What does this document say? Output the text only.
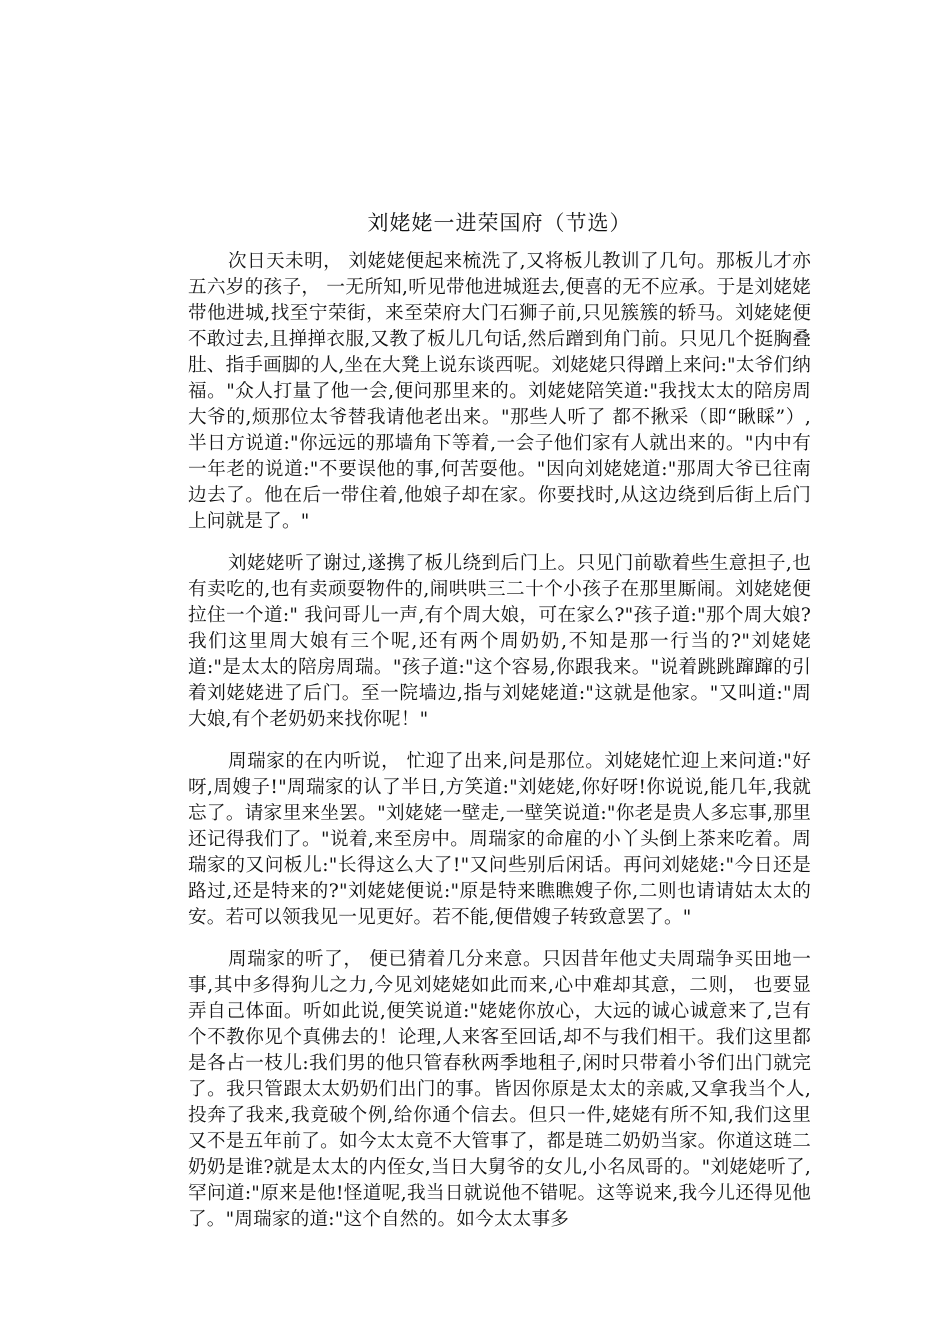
刘姥姥一进荣国府（节选）

次日天未明， 刘姥姥便起来梳洗了,又将板儿教训了几句。那板儿才亦五六岁的孩子， 一无所知,听见带他进城逛去,便喜的无不应承。于是刘姥姥带他进城,找至宁荣街，来至荣府大门石狮子前,只见簇簇的轿马。刘姥姥便不敢过去,且掸掸衣服,又教了板儿几句话,然后蹭到角门前。只见几个挺胸叠肚、指手画脚的人,坐在大凳上说东谈西呢。刘姥姥只得蹭上来问:"太爷们纳福。"众人打量了他一会,便问那里来的。刘姥姥陪笑道:"我找太太的陪房周大爷的,烦那位太爷替我请他老出来。"那些人听了 都不揪采（即“瞅睬”）,半日方说道:"你远远的那墙角下等着,一会子他们家有人就出来的。"内中有一年老的说道:"不要误他的事,何苦耍他。"因向刘姥姥道:"那周大爷已往南边去了。他在后一带住着,他娘子却在家。你要找时,从这边绕到后街上后门上问就是了。"

刘姥姥听了谢过,遂携了板儿绕到后门上。只见门前歇着些生意担子,也有卖吃的,也有卖顽耍物件的,闹哄哄三二十个小孩子在那里厮闹。刘姥姥便拉住一个道:" 我问哥儿一声,有个周大娘，可在家么?"孩子道:"那个周大娘?我们这里周大娘有三个呢,还有两个周奶奶,不知是那一行当的?"刘姥姥道:"是太太的陪房周瑞。"孩子道:"这个容易,你跟我来。"说着跳跳蹿蹿的引着刘姥姥进了后门。至一院墙边,指与刘姥姥道:"这就是他家。"又叫道:"周大娘,有个老奶奶来找你呢！"

周瑞家的在内听说， 忙迎了出来,问是那位。刘姥姥忙迎上来问道:"好呀,周嫂子!"周瑞家的认了半日,方笑道:"刘姥姥,你好呀!你说说,能几年,我就忘了。请家里来坐罢。"刘姥姥一壁走,一壁笑说道:"你老是贵人多忘事,那里还记得我们了。"说着,来至房中。周瑞家的命雇的小丫头倒上茶来吃着。周瑞家的又问板儿:"长得这么大了!"又问些别后闲话。再问刘姥姥:"今日还是路过,还是特来的?"刘姥姥便说:"原是特来瞧瞧嫂子你,二则也请请姑太太的安。若可以领我见一见更好。若不能,便借嫂子转致意罢了。"

周瑞家的听了， 便已猜着几分来意。只因昔年他丈夫周瑞争买田地一事,其中多得狗儿之力,今见刘姥姥如此而来,心中难却其意，二则， 也要显弄自己体面。听如此说,便笑说道:"姥姥你放心，大远的诚心诚意来了,岂有个不教你见个真佛去的！论理,人来客至回话,却不与我们相干。我们这里都是各占一枝儿:我们男的他只管春秋两季地租子,闲时只带着小爷们出门就完了。我只管跟太太奶奶们出门的事。皆因你原是太太的亲戚,又拿我当个人,投奔了我来,我竟破个例,给你通个信去。但只一件,姥姥有所不知,我们这里又不是五年前了。如今太太竟不大管事了，都是琏二奶奶当家。你道这琏二奶奶是谁?就是太太的内侄女,当日大舅爷的女儿,小名凤哥的。"刘姥姥听了,罕问道:"原来是他!怪道呢,我当日就说他不错呢。这等说来,我今儿还得见他了。"周瑞家的道:"这个自然的。如今太太事多
